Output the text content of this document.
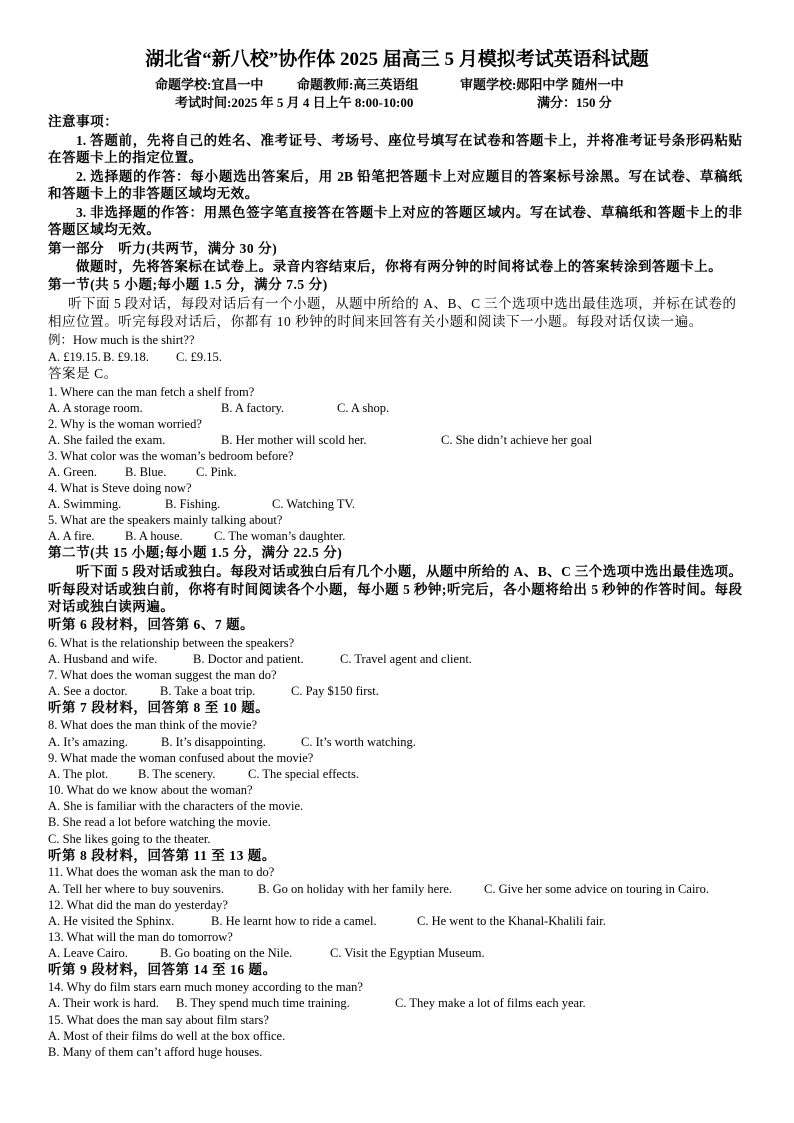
湖北省“新八校”协作体 2025 届高三 5 月模拟考试英语科试题
命题学校:宜昌一中	命题教师:高三英语组	审题学校:郧阳中学 随州一中
考试时间:2025 年 5 月 4 日上午 8:00-10:00	满分：150 分
注意事项：
1. 答题前，先将自己的姓名、准考证号、考场号、座位号填写在试卷和答题卡上，并将准考证号条形码粘贴
在答题卡上的指定位置。
2. 选择题的作答：每小题选出答案后，用 2B 铅笔把答题卡上对应题目的答案标号涂黑。写在试卷、草稿纸
和答题卡上的非答题区域均无效。
3. 非选择题的作答：用黑色签字笔直接答在答题卡上对应的答题区域内。写在试卷、草稿纸和答题卡上的非
答题区域均无效。
第一部分　听力(共两节，满分 30 分)
做题时，先将答案标在试卷上。录音内容结束后，你将有两分钟的时间将试卷上的答案转涂到答题卡上。
第一节(共 5 小题;每小题 1.5 分，满分 7.5 分)
听下面 5 段对话，每段对话后有一个小题，从题中所给的 A、B、C 三个选项中选出最佳选项，并标在试卷的
相应位置。听完每段对话后，你都有 10 秒钟的时间来回答有关小题和阅读下一小题。每段对话仅读一遍。
例：How much is the shirt??
A. £19.15. B. £9.18. C. £9.15.
答案是 C。
1. Where can the man fetch a shelf from?
A. A storage room.	B. A factory.	C. A shop.
2. Why is the woman worried?
A. She failed the exam.	B. Her mother will scold her.	C. She didn’t achieve her goal
3. What color was the woman’s bedroom before?
A. Green. B. Blue. C. Pink.
4. What is Steve doing now?
A. Swimming.	B. Fishing.	C. Watching TV.
5. What are the speakers mainly talking about?
A. A fire. B. A house.	C. The woman’s daughter.
第二节(共 15 小题;每小题 1.5 分，满分 22.5 分)
听下面 5 段对话或独白。每段对话或独白后有几个小题，从题中所给的 A、B、C 三个选项中选出最佳选项。
听每段对话或独白前，你将有时间阅读各个小题，每小题 5 秒钟;听完后，各小题将给出 5 秒钟的作答时间。每段
对话或独白读两遍。
听第 6 段材料，回答第 6、7 题。
6. What is the relationship between the speakers?
A. Husband and wife.	B. Doctor and patient.	C. Travel agent and client.
7. What does the woman suggest the man do?
A. See a doctor.	B. Take a boat trip.	C. Pay $150 first.
听第 7 段材料，回答第 8 至 10 题。
8. What does the man think of the movie?
A. It’s amazing.	B. It’s disappointing.	C. It’s worth watching.
9. What made the woman confused about the movie?
A. The plot. B. The scenery.	C. The special effects.
10. What do we know about the woman?
A. She is familiar with the characters of the movie.
B. She read a lot before watching the movie.
C. She likes going to the theater.
听第 8 段材料，回答第 11 至 13 题。
11. What does the woman ask the man to do?
A. Tell her where to buy souvenirs.	B. Go on holiday with her family here.	C. Give her some advice on touring in Cairo.
12. What did the man do yesterday?
A. He visited the Sphinx.	B. He learnt how to ride a camel.	C. He went to the Khanal-Khalili fair.
13. What will the man do tomorrow?
A. Leave Cairo.	B. Go boating on the Nile.	C. Visit the Egyptian Museum.
听第 9 段材料，回答第 14 至 16 题。
14. Why do film stars earn much money according to the man?
A. Their work is hard. B. They spend much time training.	C. They make a lot of films each year.
15. What does the man say about film stars?
A. Most of their films do well at the box office.
B. Many of them can’t afford huge houses.
